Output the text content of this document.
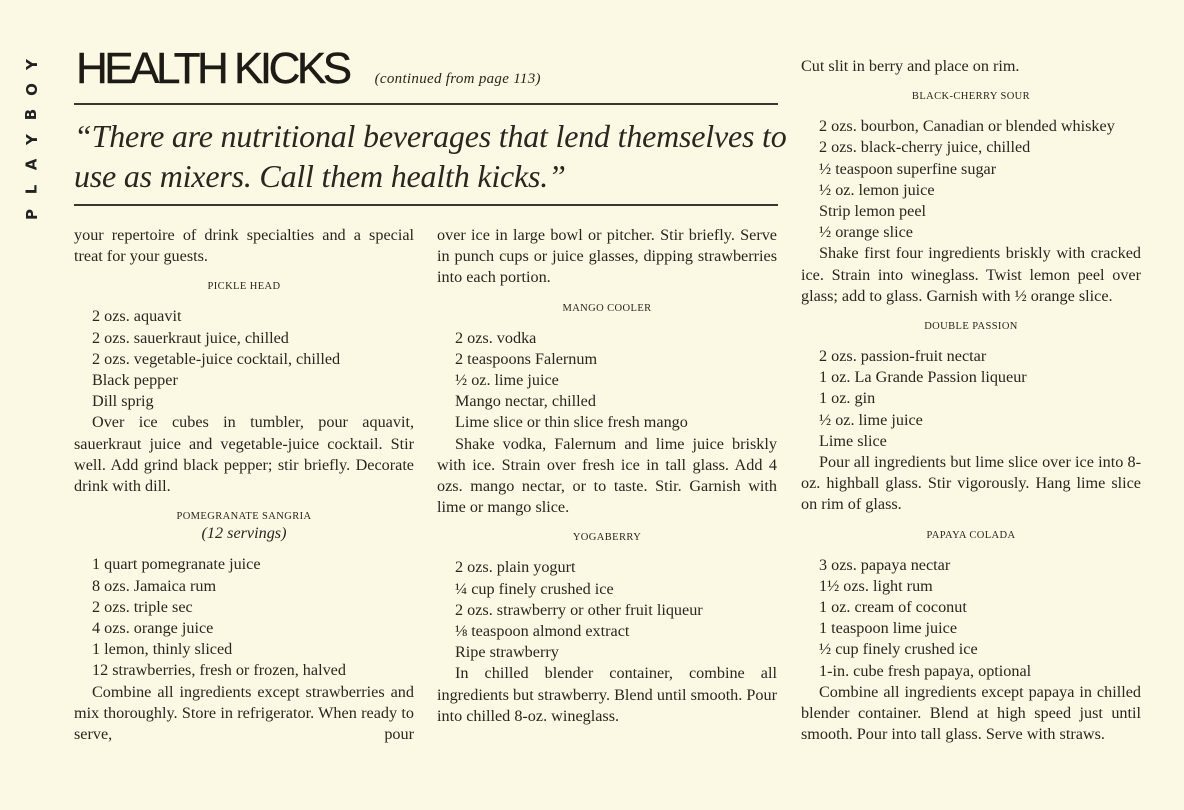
Y
O
B
Y
A
L
P
HEALTH KICKS (continued from page 113)
“There are nutritional beverages that lend themselves to use as mixers. Call them health kicks.”

your repertoire of drink specialties and a special treat for your guests.

PICKLE HEAD

2 ozs. aquavit

2 ozs. sauerkraut juice, chilled

2 ozs. vegetable-juice cocktail, chilled

Black pepper

Dill sprig

Over ice cubes in tumbler, pour aquavit, sauerkraut juice and vegetable-juice cocktail. Stir well. Add grind black pepper; stir briefly. Decorate drink with dill.

POMEGRANATE SANGRIA
(12 servings)

1 quart pomegranate juice

8 ozs. Jamaica rum

2 ozs. triple sec

4 ozs. orange juice

1 lemon, thinly sliced

12 strawberries, fresh or frozen, halved

Combine all ingredients except strawberries and mix thoroughly. Store in refrigerator. When ready to serve, pour

over ice in large bowl or pitcher. Stir briefly. Serve in punch cups or juice glasses, dipping strawberries into each portion.

MANGO COOLER

2 ozs. vodka

2 teaspoons Falernum

½ oz. lime juice

Mango nectar, chilled

Lime slice or thin slice fresh mango

Shake vodka, Falernum and lime juice briskly with ice. Strain over fresh ice in tall glass. Add 4 ozs. mango nectar, or to taste. Stir. Garnish with lime or mango slice.

YOGABERRY

2 ozs. plain yogurt

¼ cup finely crushed ice

2 ozs. strawberry or other fruit liqueur

⅛ teaspoon almond extract

Ripe strawberry

In chilled blender container, combine all ingredients but strawberry. Blend until smooth. Pour into chilled 8-oz. wineglass.

Cut slit in berry and place on rim.

BLACK-CHERRY SOUR

2 ozs. bourbon, Canadian or blended whiskey

2 ozs. black-cherry juice, chilled

½ teaspoon superfine sugar

½ oz. lemon juice

Strip lemon peel

½ orange slice

Shake first four ingredients briskly with cracked ice. Strain into wineglass. Twist lemon peel over glass; add to glass. Garnish with ½ orange slice.

DOUBLE PASSION

2 ozs. passion-fruit nectar

1 oz. La Grande Passion liqueur

1 oz. gin

½ oz. lime juice

Lime slice

Pour all ingredients but lime slice over ice into 8-oz. highball glass. Stir vigorously. Hang lime slice on rim of glass.

PAPAYA COLADA

3 ozs. papaya nectar

1½ ozs. light rum

1 oz. cream of coconut

1 teaspoon lime juice

½ cup finely crushed ice

1-in. cube fresh papaya, optional

Combine all ingredients except papaya in chilled blender container. Blend at high speed just until smooth. Pour into tall glass. Serve with straws.
